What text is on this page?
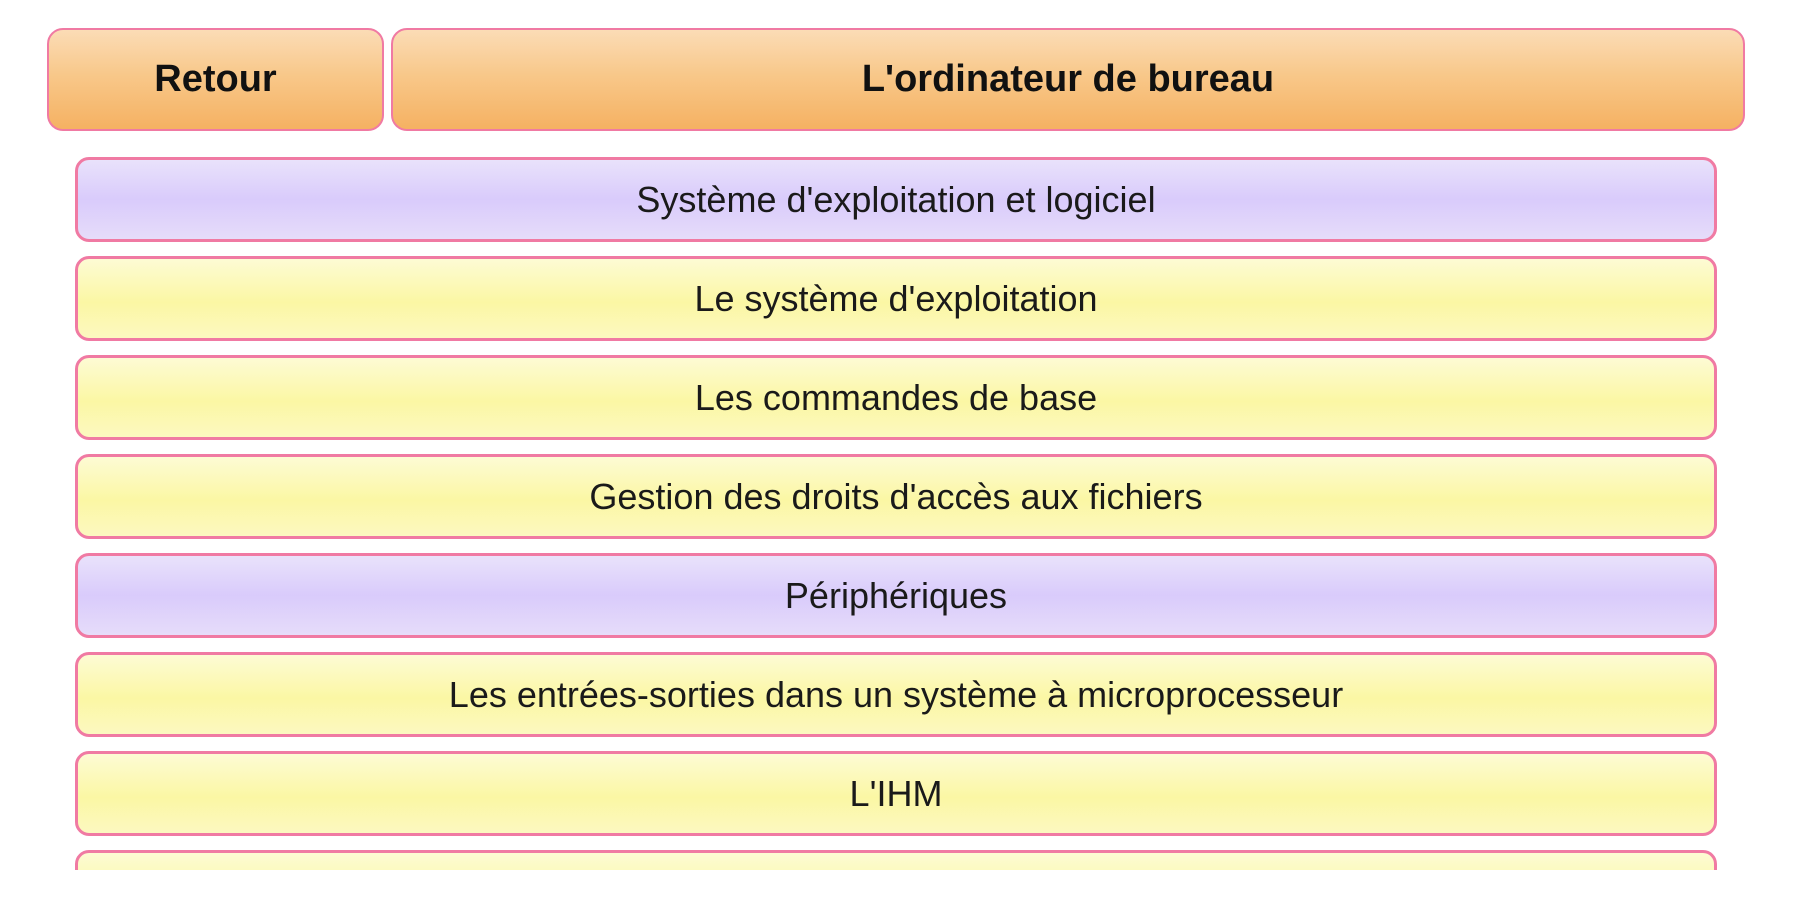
Retour	L'ordinateur de bureau
Système d'exploitation et logiciel
Le système d'exploitation
Les commandes de base
Gestion des droits d'accès aux fichiers
Périphériques
Les entrées-sorties dans un système à microprocesseur
L'IHM
